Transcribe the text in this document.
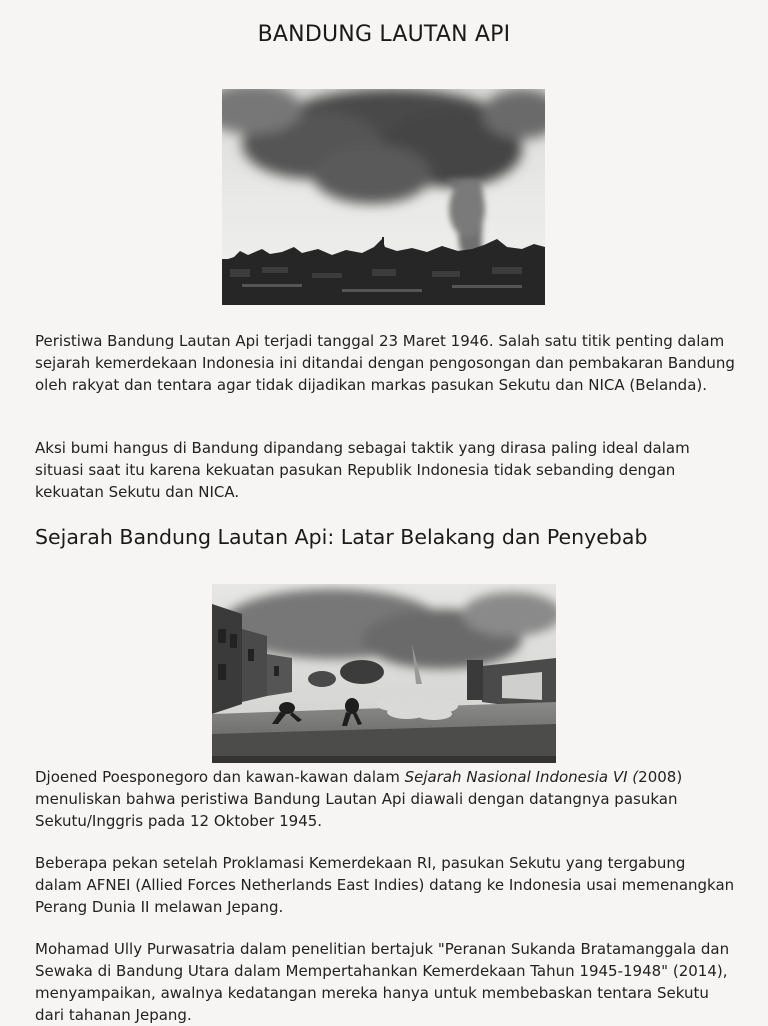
BANDUNG LAUTAN API

Peristiwa Bandung Lautan Api terjadi tanggal 23 Maret 1946. Salah satu titik penting dalam sejarah kemerdekaan Indonesia ini ditandai dengan pengosongan dan pembakaran Bandung oleh rakyat dan tentara agar tidak dijadikan markas pasukan Sekutu dan NICA (Belanda).

Aksi bumi hangus di Bandung dipandang sebagai taktik yang dirasa paling ideal dalam situasi saat itu karena kekuatan pasukan Republik Indonesia tidak sebanding dengan kekuatan Sekutu dan NICA.

Sejarah Bandung Lautan Api: Latar Belakang dan Penyebab

Djoened Poesponegoro dan kawan-kawan dalam Sejarah Nasional Indonesia VI (2008) menuliskan bahwa peristiwa Bandung Lautan Api diawali dengan datangnya pasukan Sekutu/Inggris pada 12 Oktober 1945.

Beberapa pekan setelah Proklamasi Kemerdekaan RI, pasukan Sekutu yang tergabung dalam AFNEI (Allied Forces Netherlands East Indies) datang ke Indonesia usai memenangkan Perang Dunia II melawan Jepang.

Mohamad Ully Purwasatria dalam penelitian bertajuk "Peranan Sukanda Bratamanggala dan Sewaka di Bandung Utara dalam Mempertahankan Kemerdekaan Tahun 1945-1948" (2014), menyampaikan, awalnya kedatangan mereka hanya untuk membebaskan tentara Sekutu dari tahanan Jepang.
